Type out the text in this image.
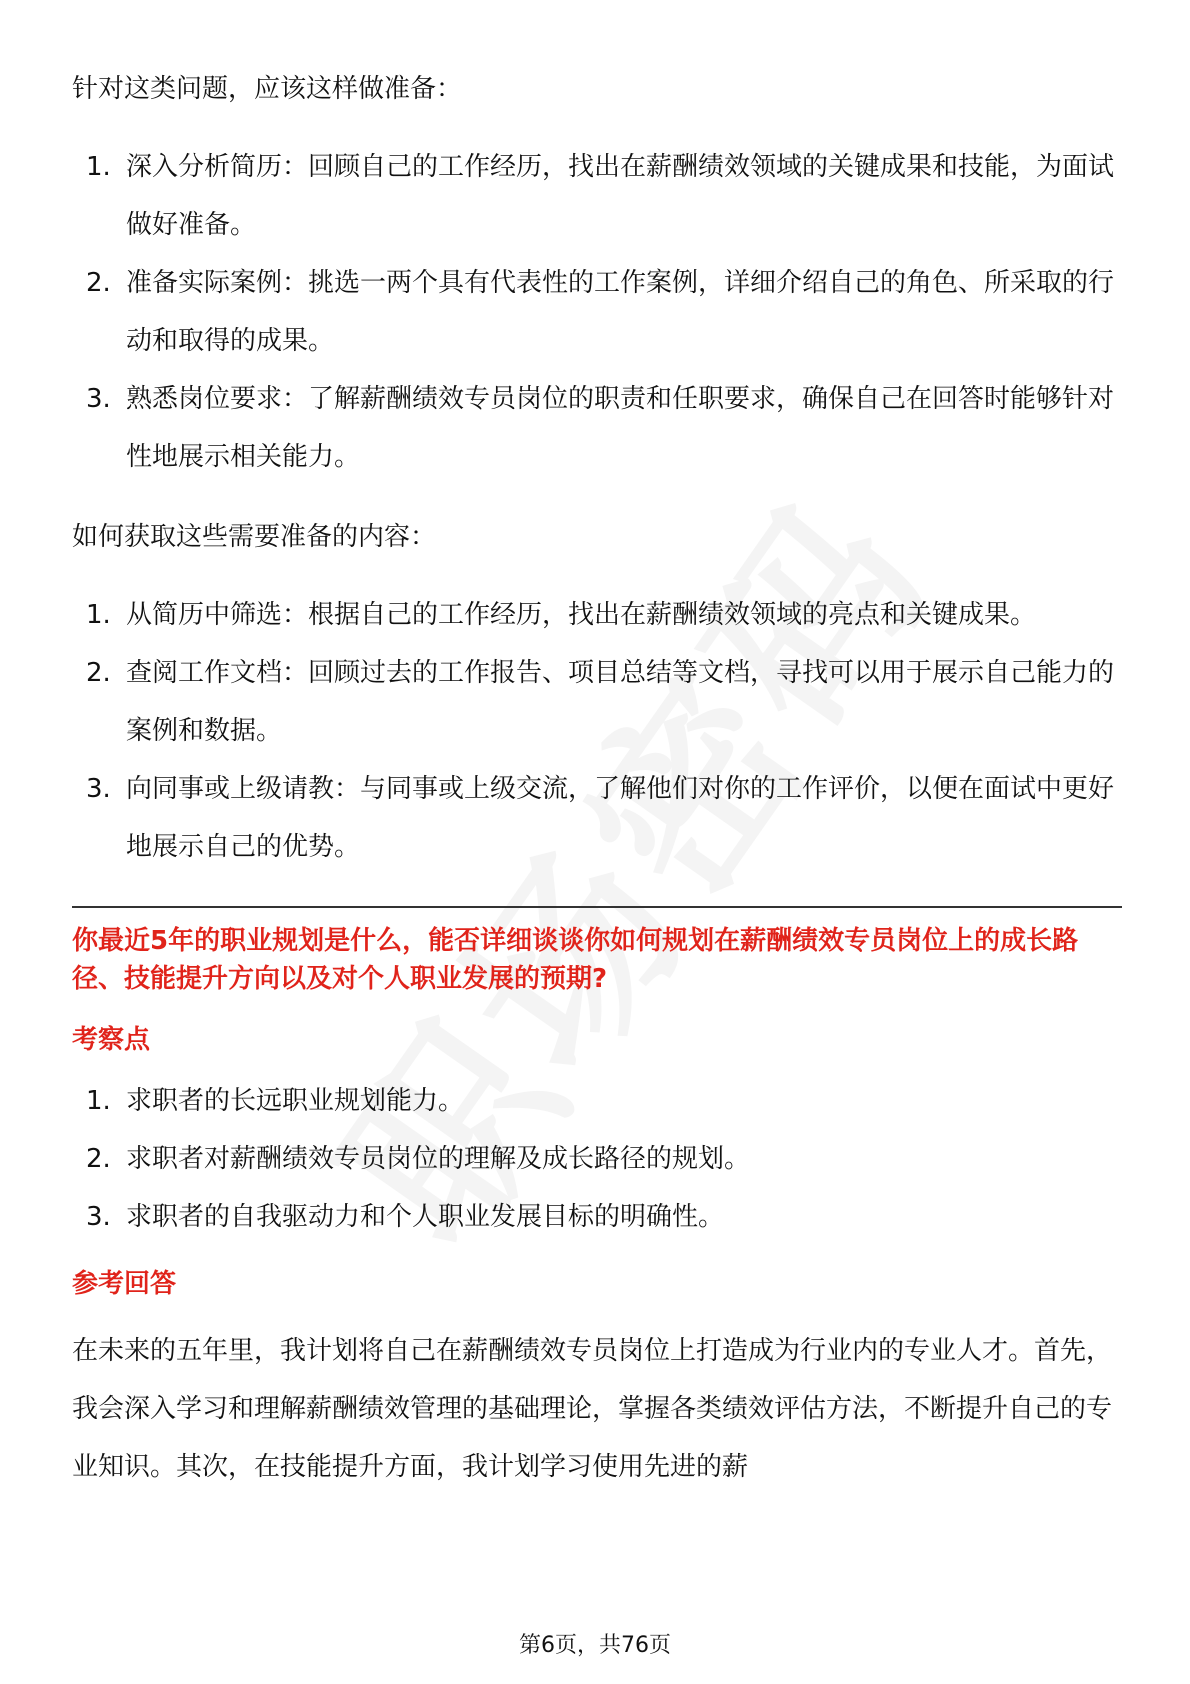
针对这类问题，应该这样做准备：

1. 深入分析简历：回顾自己的工作经历，找出在薪酬绩效领域的关键成果和技能，为面试做好准备。
2. 准备实际案例：挑选一两个具有代表性的工作案例，详细介绍自己的角色、所采取的行动和取得的成果。
3. 熟悉岗位要求：了解薪酬绩效专员岗位的职责和任职要求，确保自己在回答时能够针对性地展示相关能力。

如何获取这些需要准备的内容：

1. 从简历中筛选：根据自己的工作经历，找出在薪酬绩效领域的亮点和关键成果。
2. 查阅工作文档：回顾过去的工作报告、项目总结等文档，寻找可以用于展示自己能力的案例和数据。
3. 向同事或上级请教：与同事或上级交流，了解他们对你的工作评价，以便在面试中更好地展示自己的优势。

你最近5年的职业规划是什么，能否详细谈谈你如何规划在薪酬绩效专员岗位上的成长路径、技能提升方向以及对个人职业发展的预期?

考察点

1. 求职者的长远职业规划能力。
2. 求职者对薪酬绩效专员岗位的理解及成长路径的规划。
3. 求职者的自我驱动力和个人职业发展目标的明确性。

参考回答

在未来的五年里，我计划将自己在薪酬绩效专员岗位上打造成为行业内的专业人才。首先，我会深入学习和理解薪酬绩效管理的基础理论，掌握各类绩效评估方法，不断提升自己的专业知识。其次，在技能提升方面，我计划学习使用先进的薪

第6页，共76页
